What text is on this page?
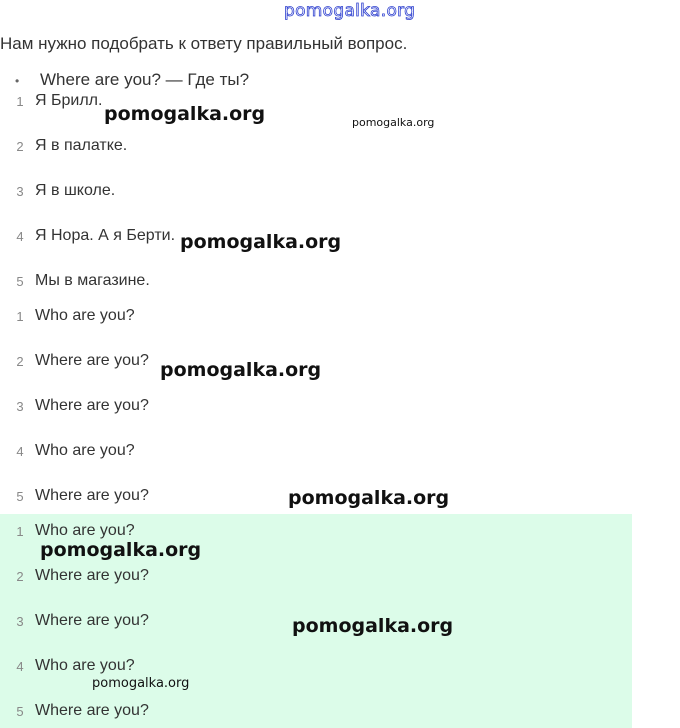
pomogalka.org
Нам нужно подобрать к ответу правильный вопрос.
• Where are you? — Где ты?
1 Я Брилл.
2 Я в палатке.
3 Я в школе.
4 Я Нора. А я Берти.
5 Мы в магазине.
1 Who are you?
2 Where are you?
3 Where are you?
4 Who are you?
5 Where are you?
1 Who are you?
2 Where are you?
3 Where are you?
4 Who are you?
5 Where are you?
pomogalka.org	pomogalka.org
pomogalka.org
pomogalka.org
pomogalka.org
pomogalka.org
pomogalka.org
pomogalka.org
